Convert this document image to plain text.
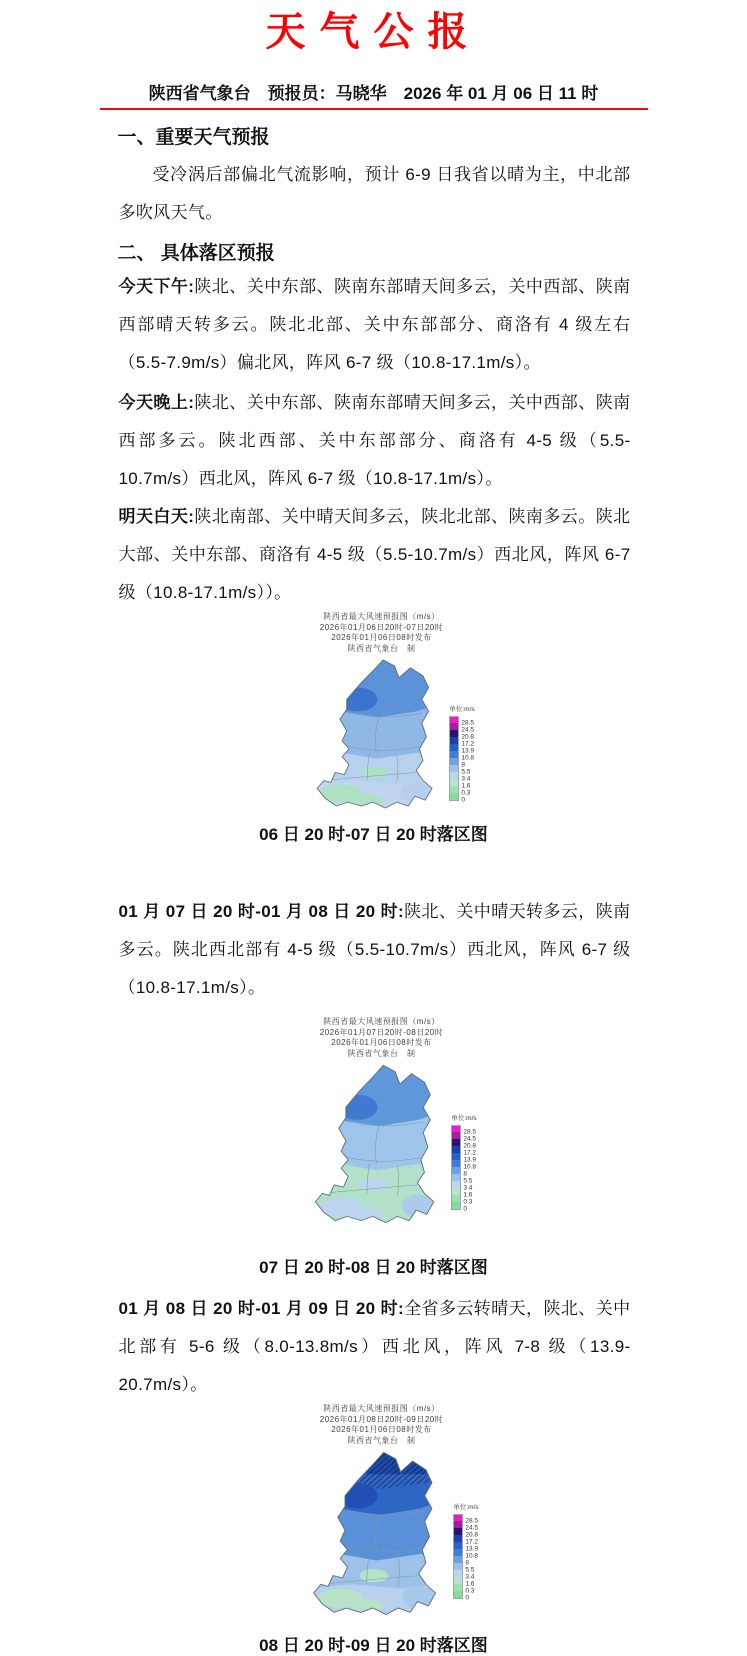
天气公报
陕西省气象台　预报员：马晓华　2026 年 01 月 06 日 11 时
一、重要天气预报

受冷涡后部偏北气流影响，预计 6-9 日我省以晴为主，中北部多吹风天气。

二、 具体落区预报

今天下午:陕北、关中东部、陕南东部晴天间多云，关中西部、陕南西部晴天转多云。陕北北部、关中东部部分、商洛有 4 级左右（5.5-7.9m/s）偏北风，阵风 6-7 级（10.8-17.1m/s）。

今天晚上:陕北、关中东部、陕南东部晴天间多云，关中西部、陕南西部多云。陕北西部、关中东部部分、商洛有 4-5 级（5.5-10.7m/s）西北风，阵风 6-7 级（10.8-17.1m/s）。

明天白天:陕北南部、关中晴天间多云，陕北北部、陕南多云。陕北大部、关中东部、商洛有 4-5 级（5.5-10.7m/s）西北风，阵风 6-7 级（10.8-17.1m/s））。

陕西省最大风速预报图（m/s）
2026年01月06日20时-07日20时
2026年01月06日08时发布
陕西省气象台　制
单位:m/s
28.5
24.5
20.8
17.2
13.9
10.8
8
5.5
3.4
1.6
0.3
0
06 日 20 时-07 日 20 时落区图

01 月 07 日 20 时-01 月 08 日 20 时:陕北、关中晴天转多云，陕南多云。陕北西北部有 4-5 级（5.5-10.7m/s）西北风，阵风 6-7 级（10.8-17.1m/s）。

陕西省最大风速预报图（m/s）
2026年01月07日20时-08日20时
2026年01月06日08时发布
陕西省气象台　制
单位:m/s
28.5
24.5
20.8
17.2
13.9
10.8
8
5.5
3.4
1.6
0.3
0
07 日 20 时-08 日 20 时落区图

01 月 08 日 20 时-01 月 09 日 20 时:全省多云转晴天，陕北、关中北部有 5-6 级（8.0-13.8m/s）西北风，阵风 7-8 级（13.9-20.7m/s）。

陕西省最大风速预报图（m/s）
2026年01月08日20时-09日20时
2026年01月06日08时发布
陕西省气象台　制
单位:m/s
28.5
24.5
20.8
17.2
13.9
10.8
8
5.5
3.4
1.6
0.3
0
08 日 20 时-09 日 20 时落区图
